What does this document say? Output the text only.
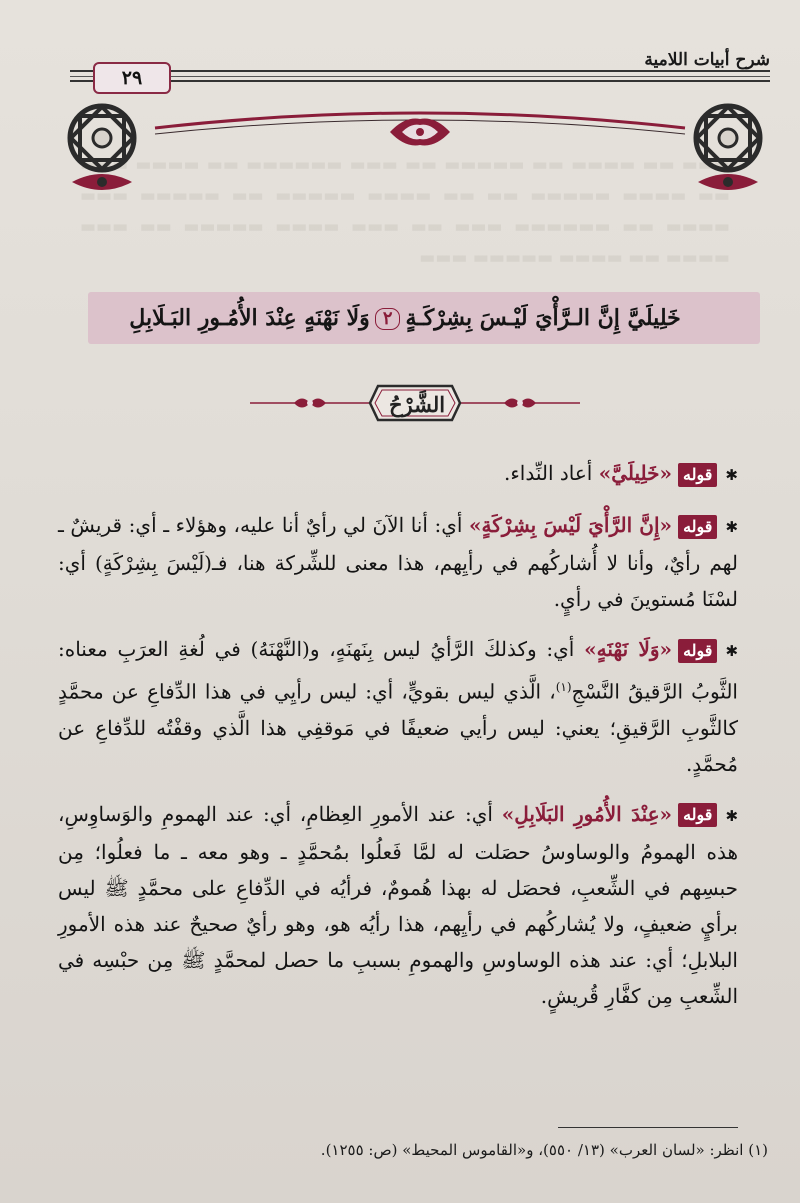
▬▬▬ ▬▬ ▬▬▬▬ ▬▬ ▬▬▬▬▬ ▬▬ ▬▬▬ ▬▬▬▬▬▬ ▬▬ ▬▬▬▬ ▬▬▬ ▬▬ ▬▬▬▬ ▬▬▬▬▬ ▬▬ ▬▬ ▬▬▬▬ ▬▬▬▬▬ ▬▬ ▬▬▬▬▬ ▬▬▬ ▬▬▬▬ ▬▬ ▬▬▬▬▬▬ ▬▬▬ ▬▬ ▬▬▬ ▬▬▬▬ ▬▬▬▬▬ ▬▬ ▬▬▬ ▬▬▬▬ ▬▬ ▬▬▬▬ ▬▬▬▬▬ ▬▬▬
شرح أبيات اللامية
٢٩
خَلِيلَيَّ إِنَّ الـرَّأْيَ لَيْـسَ بِشِرْكَـةٍ٢وَلَا نَهْنَهٍ عِنْدَ الأُمُـورِ البَـلَابِلِ
الشَّرْحُ

✱قوله«خَلِيلَيَّ» أعاد النِّداء.

✱قوله«إِنَّ الرَّأْيَ لَيْسَ بِشِرْكَةٍ» أي: أنا الآنَ لي رأيٌ أنا عليه، وهؤلاء ـ أي: قريشٌ ـ لهم رأيٌ، وأنا لا أُشاركُهم في رأيِهم، هذا معنى للشِّركة هنا، فـ(لَيْسَ بِشِرْكَةٍ) أي: لسْنَا مُستوينَ في رأيٍ.

✱قوله«وَلَا نَهْنَهٍ» أي: وكذلكَ الرَّأيُ ليس بِنَهنَهٍ، و(النَّهْنَهُ) في لُغةِ العرَبِ معناه: الثَّوبُ الرَّقيقُ النَّسْجِ$^{(١)}$، الَّذي ليس بقويٍّ، أي: ليس رأيِي في هذا الدِّفاعِ عن محمَّدٍ كالثَّوبِ الرَّقيقِ؛ يعني: ليس رأيي ضعيفًا في مَوقفِي هذا الَّذي وقفْتُه للدِّفاعِ عن مُحمَّدٍ.

✱قوله«عِنْدَ الأُمُورِ البَلَابِلِ» أي: عند الأمورِ العِظامِ، أي: عند الهمومِ والوَساوِسِ، هذه الهمومُ والوساوسُ حصَلت له لمَّا فَعلُوا بمُحمَّدٍ ـ وهو معه ـ ما فعلُوا؛ مِن حبسِهم في الشِّعبِ، فحصَل له بهذا هُمومٌ، فرأيُه في الدِّفاعِ على محمَّدٍ ﷺ ليس برأيٍ ضعيفٍ، ولا يُشاركُهم في رأيِهم، هذا رأيُه هو، وهو رأيٌ صحيحٌ عند هذه الأمورِ البلابلِ؛ أي: عند هذه الوساوسِ والهمومِ بسببِ ما حصل لمحمَّدٍ ﷺ مِن حبْسِه في الشِّعبِ مِن كفَّارِ قُريشٍ.

(١) انظر: «لسان العرب» (١٣/ ٥٥٠)، و«القاموس المحيط» (ص: ١٢٥٥).
